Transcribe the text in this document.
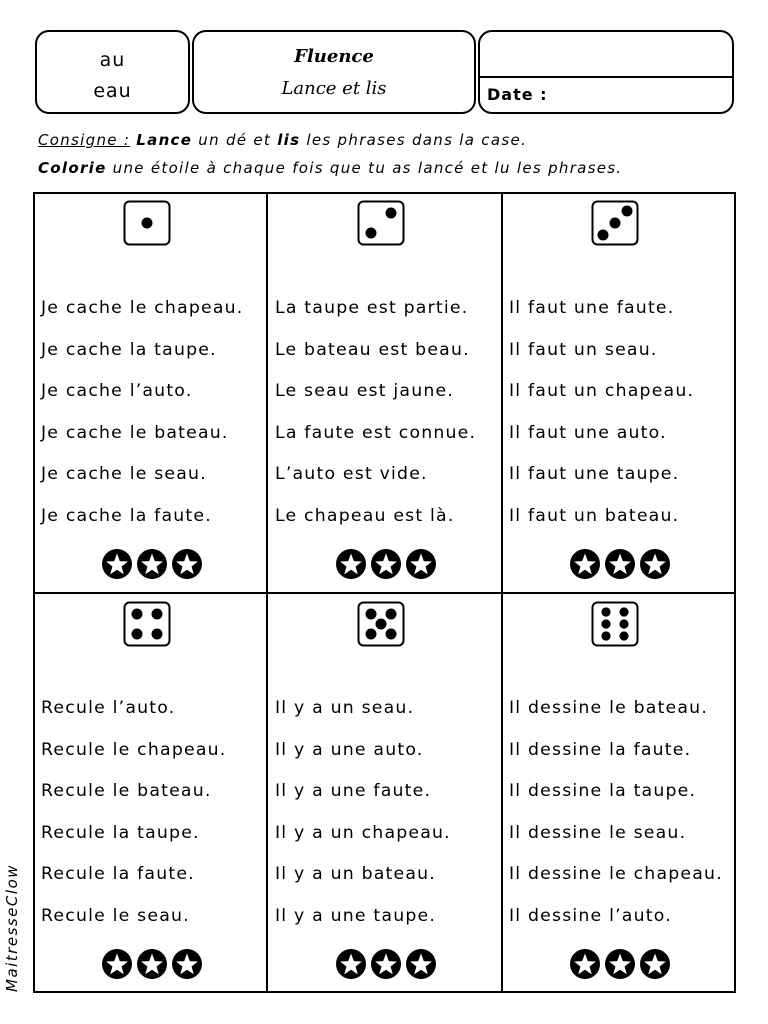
au
eau
Fluence
Lance et lis	Date :
Consigne : Lance un dé et lis les phrases dans la case.
Colorie une étoile à chaque fois que tu as lancé et lu les phrases.
Je cache le chapeau.
Je cache la taupe.
Je cache l’auto.
Je cache le bateau.
Je cache le seau.
Je cache la faute.
La taupe est partie.
Le bateau est beau.
Le seau est jaune.
La faute est connue.
L’auto est vide.
Le chapeau est là.
Il faut une faute.
Il faut un seau.
Il faut un chapeau.
Il faut une auto.
Il faut une taupe.
Il faut un bateau.
Recule l’auto.
Recule le chapeau.
Recule le bateau.
Recule la taupe.
Recule la faute.
Recule le seau.
Il y a un seau.
Il y a une auto.
Il y a une faute.
Il y a un chapeau.
Il y a un bateau.
Il y a une taupe.
Il dessine le bateau.
Il dessine la faute.
Il dessine la taupe.
Il dessine le seau.
Il dessine le chapeau.
Il dessine l’auto.
MaitresseClow
